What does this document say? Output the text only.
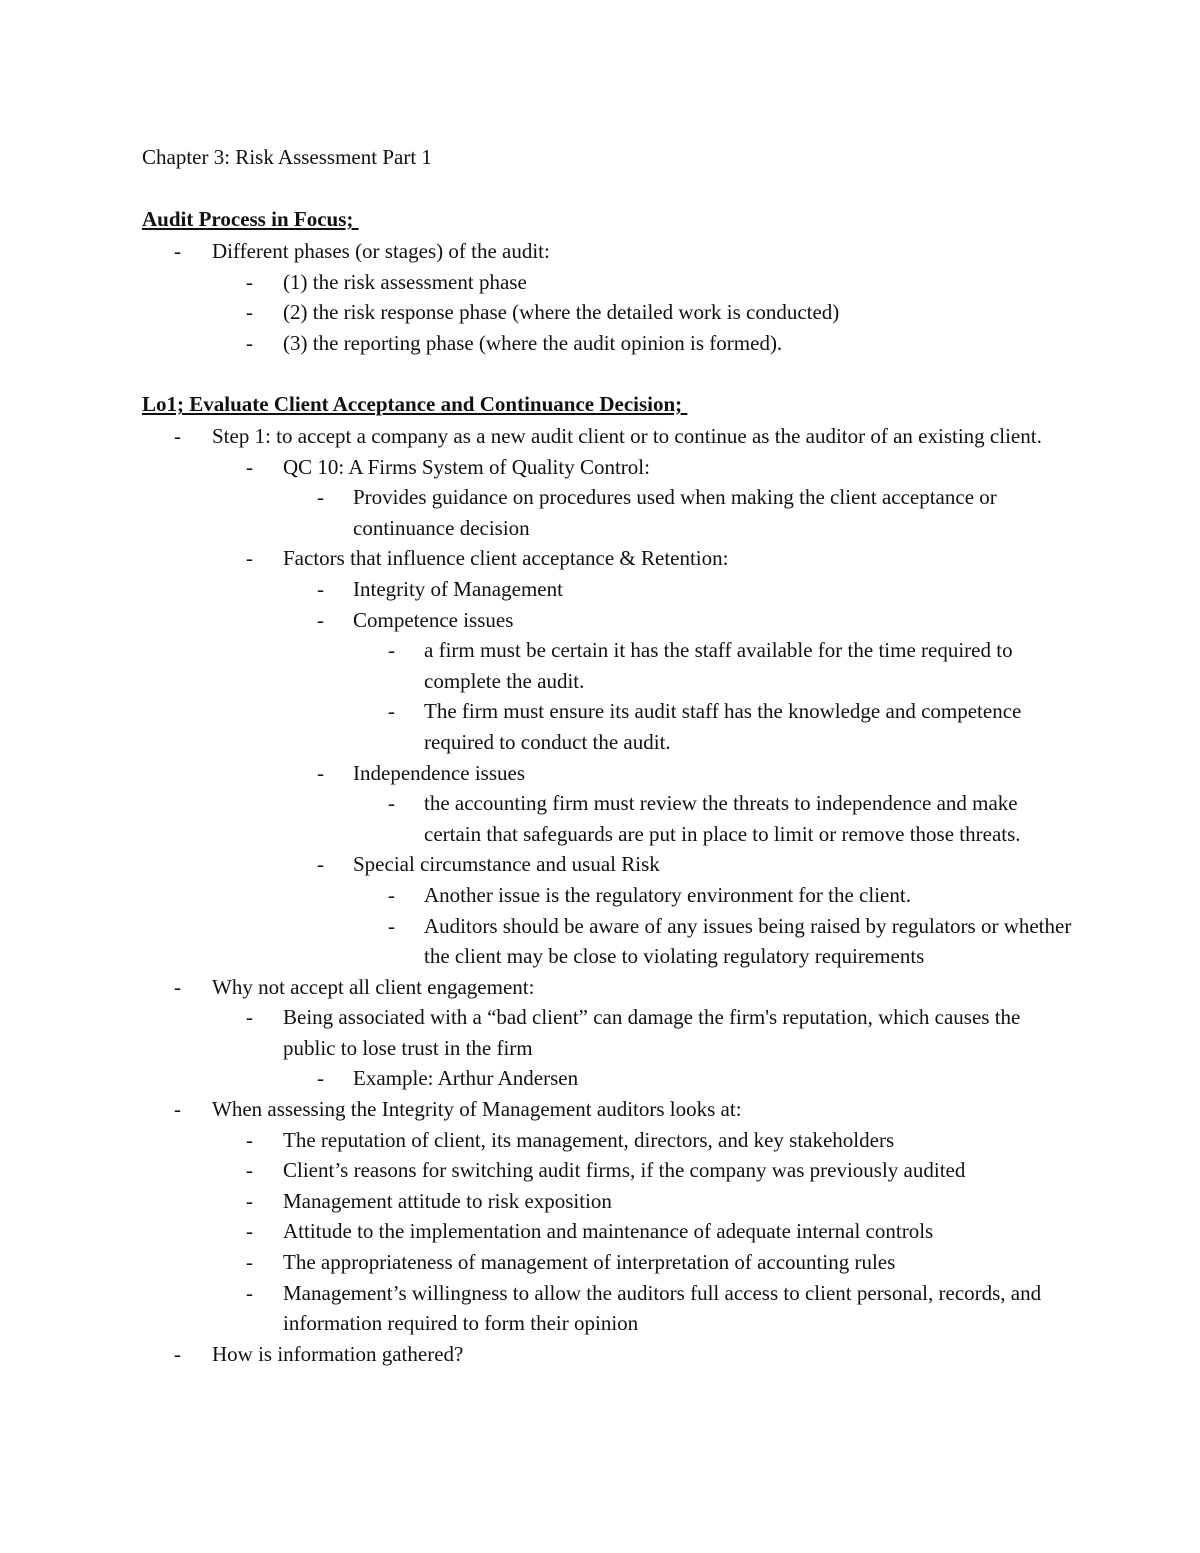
Chapter 3: Risk Assessment Part 1
Audit Process in Focus;
- Different phases (or stages) of the audit:
- (1) the risk assessment phase
- (2) the risk response phase (where the detailed work is conducted)
- (3) the reporting phase (where the audit opinion is formed).
Lo1; Evaluate Client Acceptance and Continuance Decision;
- Step 1: to accept a company as a new audit client or to continue as the auditor of an existing client.
- QC 10: A Firms System of Quality Control:
- Provides guidance on procedures used when making the client acceptance or continuance decision
- Factors that influence client acceptance & Retention:
- Integrity of Management
- Competence issues
- a firm must be certain it has the staff available for the time required to complete the audit.
- The firm must ensure its audit staff has the knowledge and competence required to conduct the audit.
- Independence issues
- the accounting firm must review the threats to independence and make certain that safeguards are put in place to limit or remove those threats.
- Special circumstance and usual Risk
- Another issue is the regulatory environment for the client.
- Auditors should be aware of any issues being raised by regulators or whether the client may be close to violating regulatory requirements
- Why not accept all client engagement:
- Being associated with a “bad client” can damage the firm's reputation, which causes the public to lose trust in the firm
- Example: Arthur Andersen
- When assessing the Integrity of Management auditors looks at:
- The reputation of client, its management, directors, and key stakeholders
- Client’s reasons for switching audit firms, if the company was previously audited
- Management attitude to risk exposition
- Attitude to the implementation and maintenance of adequate internal controls
- The appropriateness of management of interpretation of accounting rules
- Management’s willingness to allow the auditors full access to client personal, records, and information required to form their opinion
- How is information gathered?
